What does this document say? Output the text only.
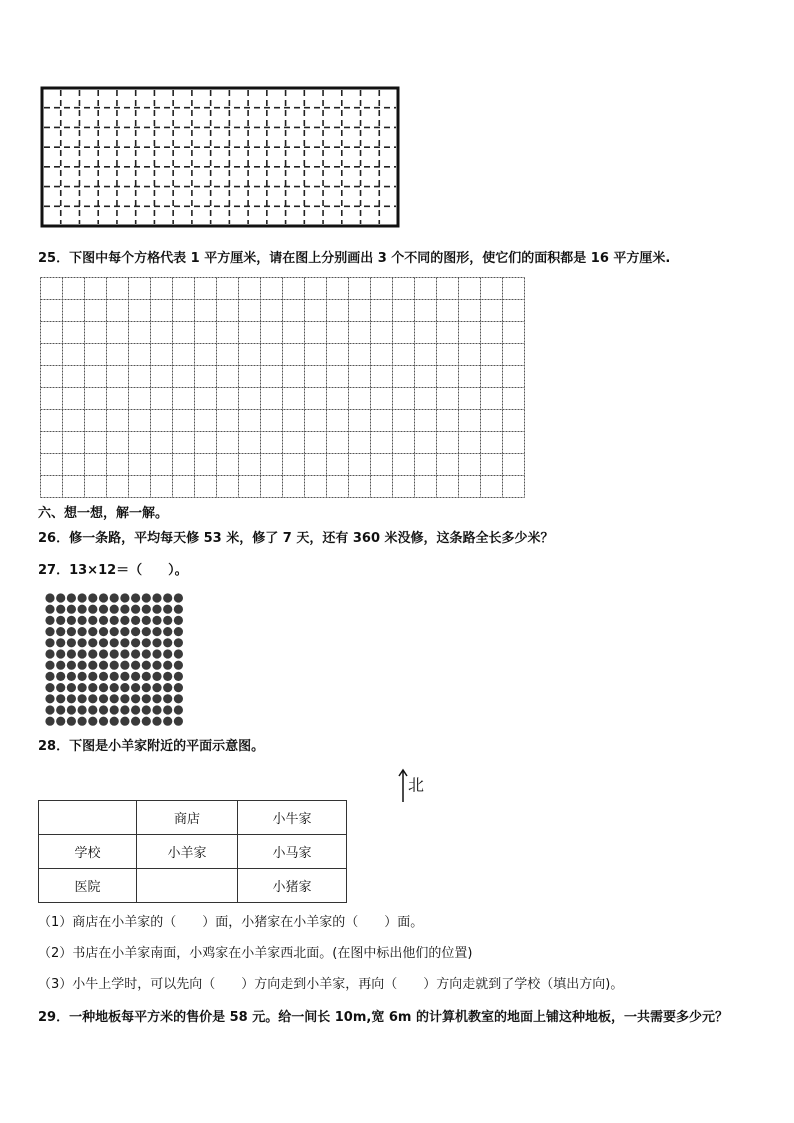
25．下图中每个方格代表 1 平方厘米，请在图上分别画出 3 个不同的图形，使它们的面积都是 16 平方厘米.
六、想一想，解一解。
26．修一条路，平均每天修 53 米，修了 7 天，还有 360 米没修，这条路全长多少米？
27．13×12＝（　　）。
28．下图是小羊家附近的平面示意图。
北
	商店	小牛家
学校	小羊家	小马家
医院		小猪家
（1）商店在小羊家的（　　）面，小猪家在小羊家的（　　）面。
（2）书店在小羊家南面，小鸡家在小羊家西北面。(在图中标出他们的位置)
（3）小牛上学时，可以先向（　　）方向走到小羊家，再向（　　）方向走就到了学校（填出方向)。
29．一种地板每平方米的售价是 58 元。给一间长 10m,宽 6m 的计算机教室的地面上铺这种地板，一共需要多少元？
